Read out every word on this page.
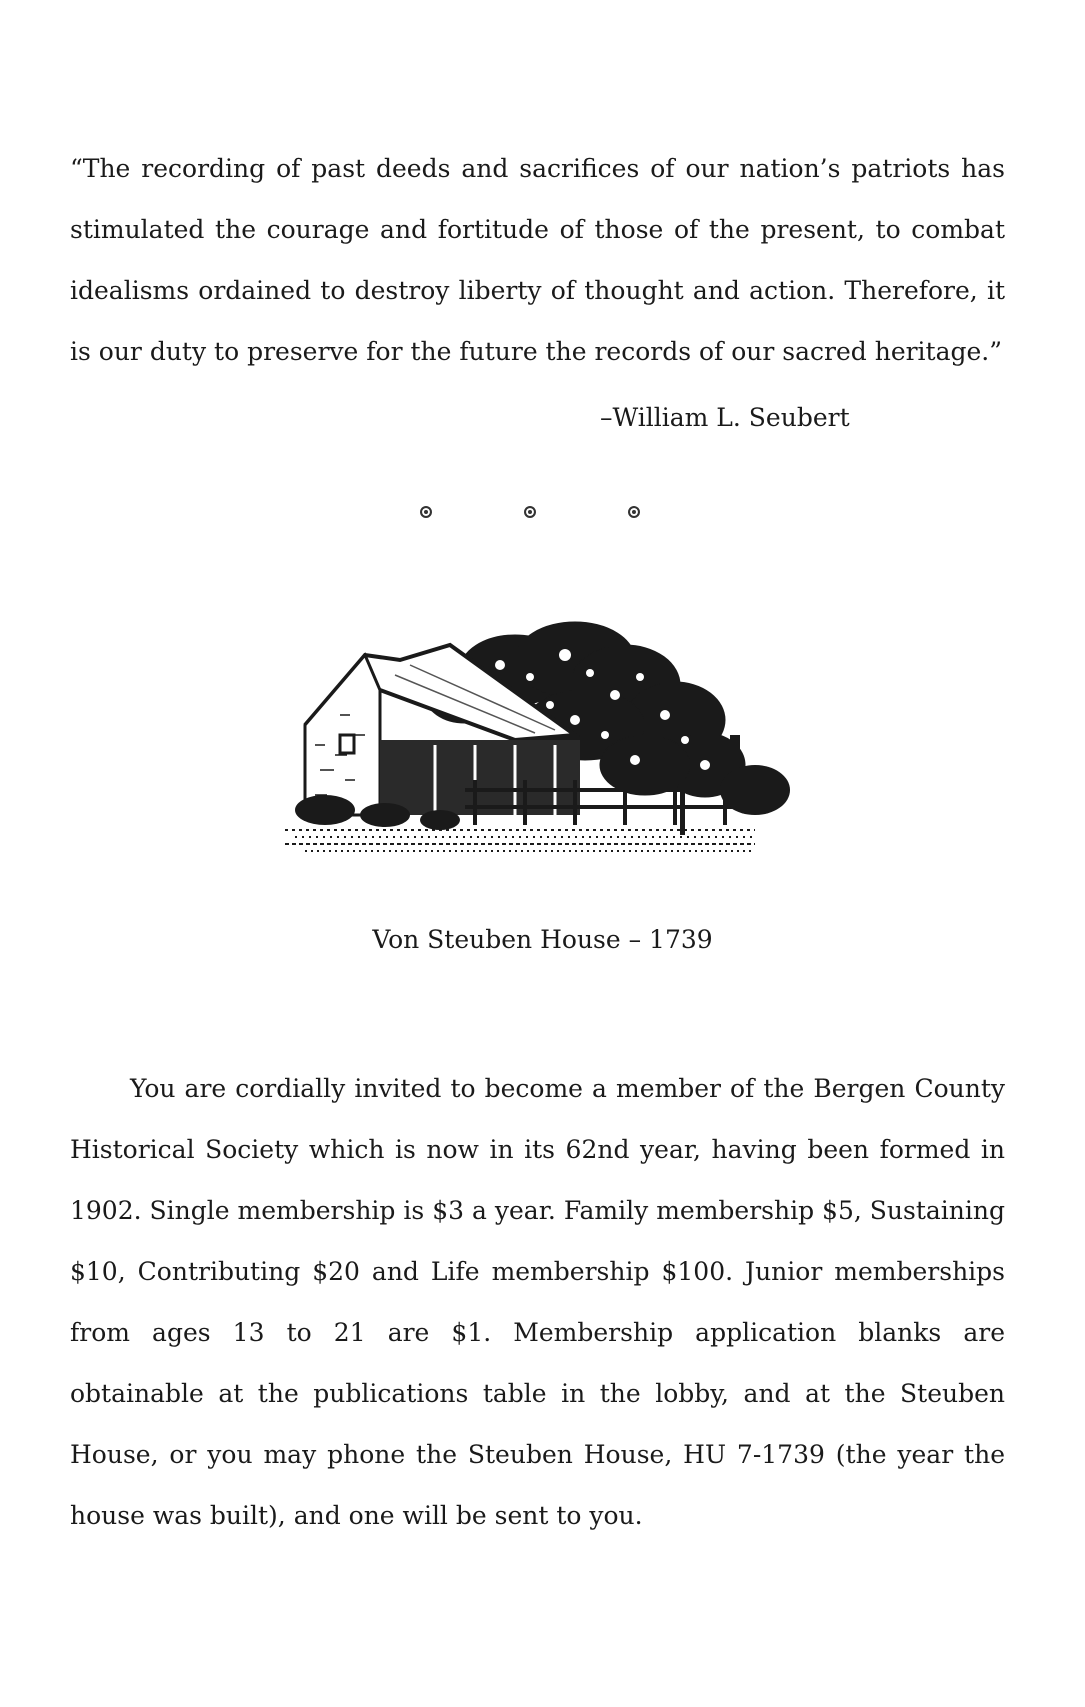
“The recording of past deeds and sacrifices of our nation’s patriots has stimulated the courage and fortitude of those of the present, to combat idealisms ordained to destroy liberty of thought and action. Therefore, it is our duty to preserve for the future the records of our sacred heritage.”

–William L. Seubert

Von Steuben House – 1739

You are cordially invited to become a member of the Bergen County Historical Society which is now in its 62nd year, having been formed in 1902. Single membership is $3 a year. Family membership $5, Sustaining $10, Contributing $20 and Life membership $100. Junior memberships from ages 13 to 21 are $1. Membership application blanks are obtainable at the publications table in the lobby, and at the Steuben House, or you may phone the Steuben House, HU 7-1739 (the year the house was built), and one will be sent to you.
